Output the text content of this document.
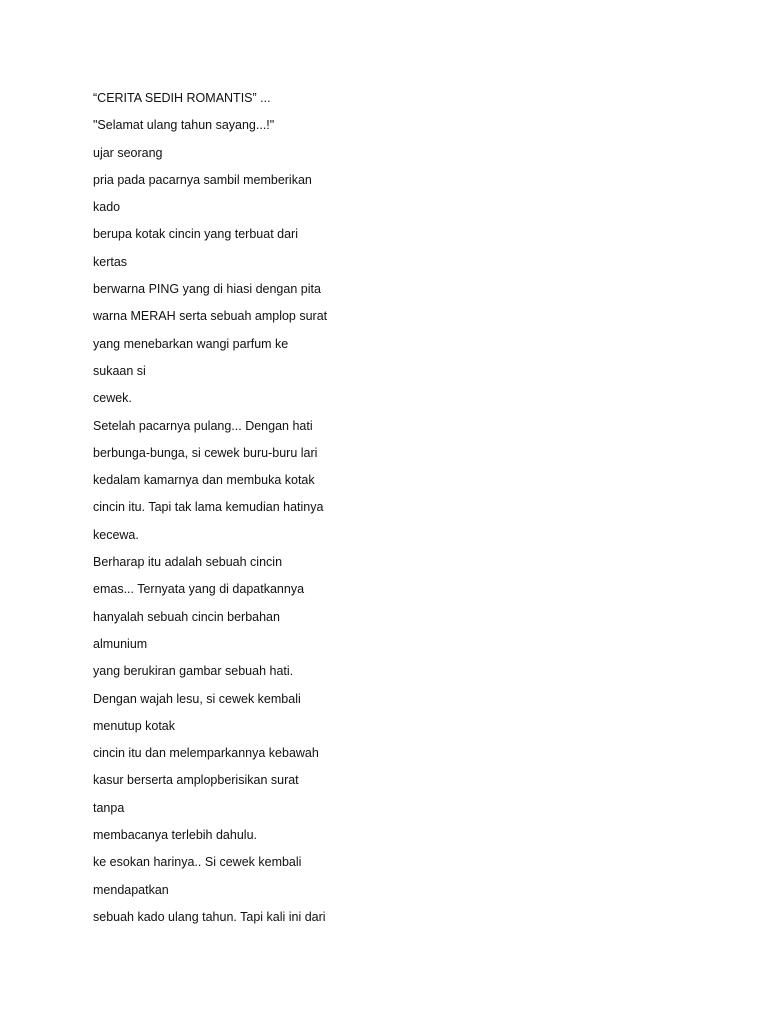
“CERITA SEDIH ROMANTIS” ...
"Selamat ulang tahun sayang...!"
ujar seorang
pria pada pacarnya sambil memberikan
kado
berupa kotak cincin yang terbuat dari
kertas
berwarna PING yang di hiasi dengan pita
warna MERAH serta sebuah amplop surat
yang menebarkan wangi parfum ke
sukaan si
cewek.
Setelah pacarnya pulang... Dengan hati
berbunga-bunga, si cewek buru-buru lari
kedalam kamarnya dan membuka kotak
cincin itu. Tapi tak lama kemudian hatinya
kecewa.
Berharap itu adalah sebuah cincin
emas... Ternyata yang di dapatkannya
hanyalah sebuah cincin berbahan
almunium
yang berukiran gambar sebuah hati.
Dengan wajah lesu, si cewek kembali
menutup kotak
cincin itu dan melemparkannya kebawah
kasur berserta amplopberisikan surat
tanpa
membacanya terlebih dahulu.
ke esokan harinya.. Si cewek kembali
mendapatkan
sebuah kado ulang tahun. Tapi kali ini dari
